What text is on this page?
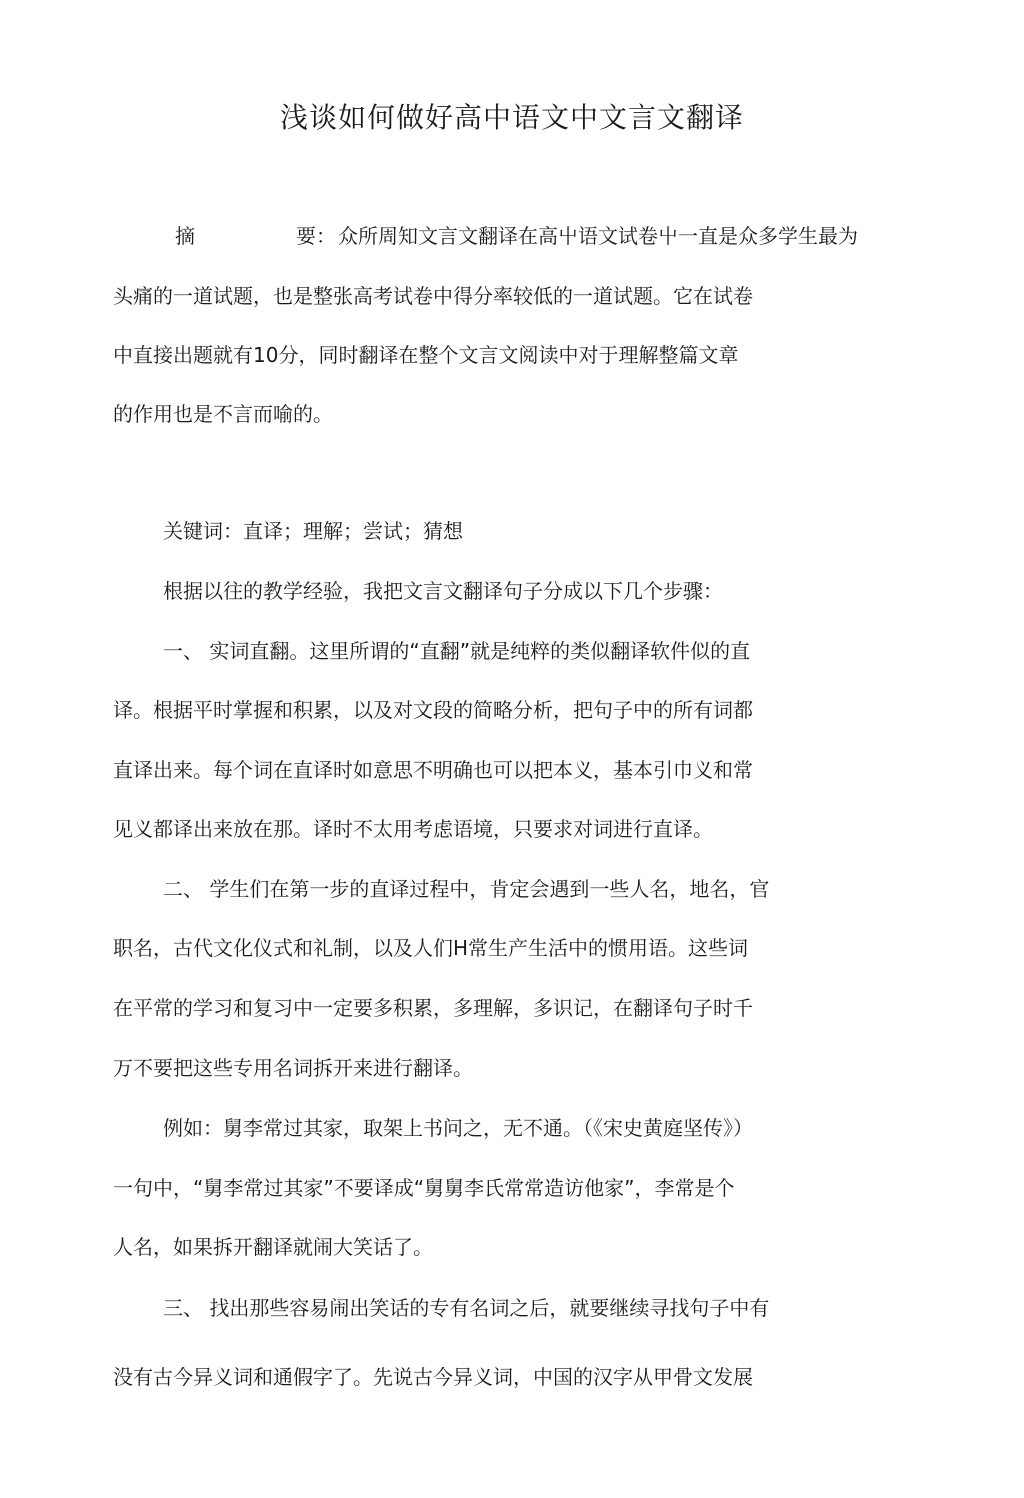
浅谈如何做好高中语文中文言文翻译
摘	要： 众所周知文言文翻译在高屮语文试卷屮一直是众多学生最为
头痛的一道试题，也是整张高考试卷中得分率较低的一道试题。它在试卷
中直接出题就有10分，同时翻译在整个文言文阅读中对于理解整篇文章
的作用也是不言而喻的。
关键词：直译；理解；尝试；猜想
根据以往的教学经验，我把文言文翻译句子分成以下几个步骤：
一、 实词直翻。这里所谓的“直翻”就是纯粹的类似翻译软件似的直
译。根据平时掌握和积累，以及对文段的简略分析，把句子中的所有词都
直译出来。每个词在直译时如意思不明确也可以把本义，基本引巾义和常
见义都译出来放在那。译时不太用考虑语境，只要求对词进行直译。
二、 学生们在第一步的直译过程中，肯定会遇到一些人名，地名，官
职名，古代文化仪式和礼制，以及人们H常生产生活中的惯用语。这些词
在平常的学习和复习中一定要多积累，多理解，多识记，在翻译句子时千
万不要把这些专用名词拆开来进行翻译。
例如：舅李常过其家，取架上书问之，无不通。（《宋史黄庭坚传》）
一句中，“舅李常过其家”不要译成“舅舅李氏常常造访他家”，李常是个
人名，如果拆开翻译就闹大笑话了。
三、 找出那些容易闹出笑话的专有名词之后，就要继续寻找句子中有
没有古今异义词和通假字了。先说古今异义词，中国的汉字从甲骨文发展
